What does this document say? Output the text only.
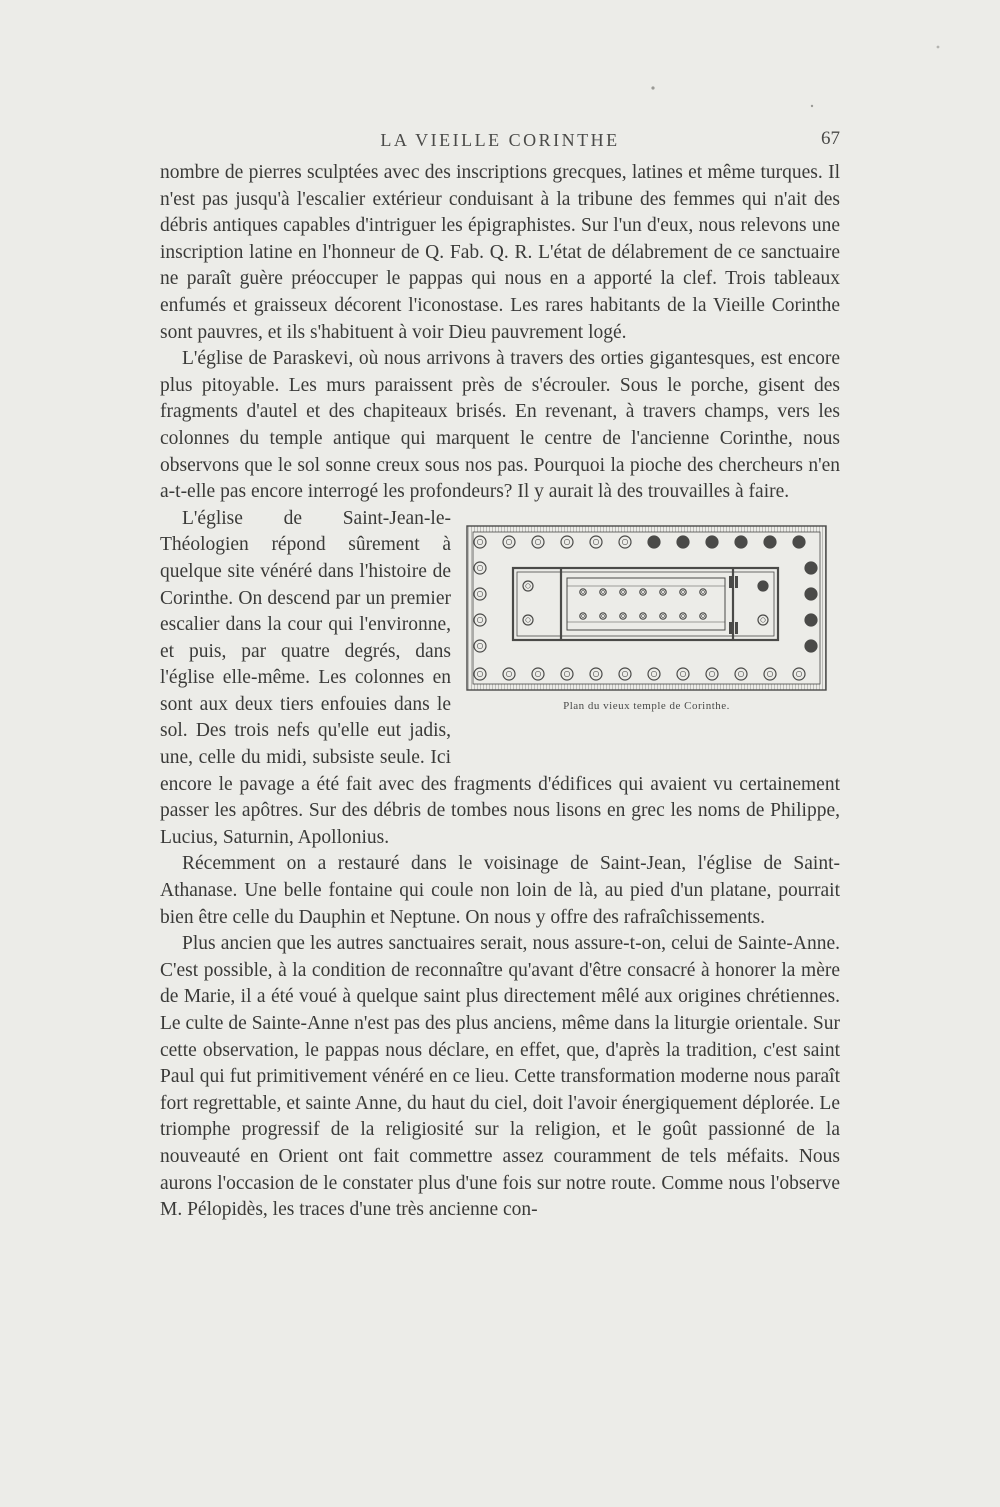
LA VIEILLE CORINTHE	67

nombre de pierres sculptées avec des inscriptions grecques, latines et même turques. Il n'est pas jusqu'à l'escalier extérieur conduisant à la tribune des femmes qui n'ait des débris antiques capables d'intriguer les épigraphistes. Sur l'un d'eux, nous relevons une inscription latine en l'honneur de Q. Fab. Q. R. L'état de délabrement de ce sanctuaire ne paraît guère préoccuper le pappas qui nous en a apporté la clef. Trois tableaux enfumés et graisseux décorent l'iconostase. Les rares habitants de la Vieille Corinthe sont pauvres, et ils s'habituent à voir Dieu pauvrement logé.

L'église de Paraskevi, où nous arrivons à travers des orties gigantesques, est encore plus pitoyable. Les murs paraissent près de s'écrouler. Sous le porche, gisent des fragments d'autel et des chapiteaux brisés. En revenant, à travers champs, vers les colonnes du temple antique qui marquent le centre de l'ancienne Corinthe, nous observons que le sol sonne creux sous nos pas. Pourquoi la pioche des chercheurs n'en a-t-elle pas encore interrogé les profondeurs? Il y aurait là des trouvailles à faire.

Plan du vieux temple de Corinthe.

L'église de Saint-Jean-le-Théologien répond sûrement à quelque site vénéré dans l'histoire de Corinthe. On descend par un premier escalier dans la cour qui l'environne, et puis, par quatre degrés, dans l'église elle-même. Les colonnes en sont aux deux tiers enfouies dans le sol. Des trois nefs qu'elle eut jadis, une, celle du midi, subsiste seule. Ici encore le pavage a été fait avec des fragments d'édifices qui avaient vu certainement passer les apôtres. Sur des débris de tombes nous lisons en grec les noms de Philippe, Lucius, Saturnin, Apollonius.

Récemment on a restauré dans le voisinage de Saint-Jean, l'église de Saint-Athanase. Une belle fontaine qui coule non loin de là, au pied d'un platane, pourrait bien être celle du Dauphin et Neptune. On nous y offre des rafraîchissements.

Plus ancien que les autres sanctuaires serait, nous assure-t-on, celui de Sainte-Anne. C'est possible, à la condition de reconnaître qu'avant d'être consacré à honorer la mère de Marie, il a été voué à quelque saint plus directement mêlé aux origines chrétiennes. Le culte de Sainte-Anne n'est pas des plus anciens, même dans la liturgie orientale. Sur cette observation, le pappas nous déclare, en effet, que, d'après la tradition, c'est saint Paul qui fut primitivement vénéré en ce lieu. Cette transformation moderne nous paraît fort regrettable, et sainte Anne, du haut du ciel, doit l'avoir énergiquement déplorée. Le triomphe progressif de la religiosité sur la religion, et le goût passionné de la nouveauté en Orient ont fait commettre assez couramment de tels méfaits. Nous aurons l'occasion de le constater plus d'une fois sur notre route. Comme nous l'observe M. Pélopidès, les traces d'une très ancienne con-
